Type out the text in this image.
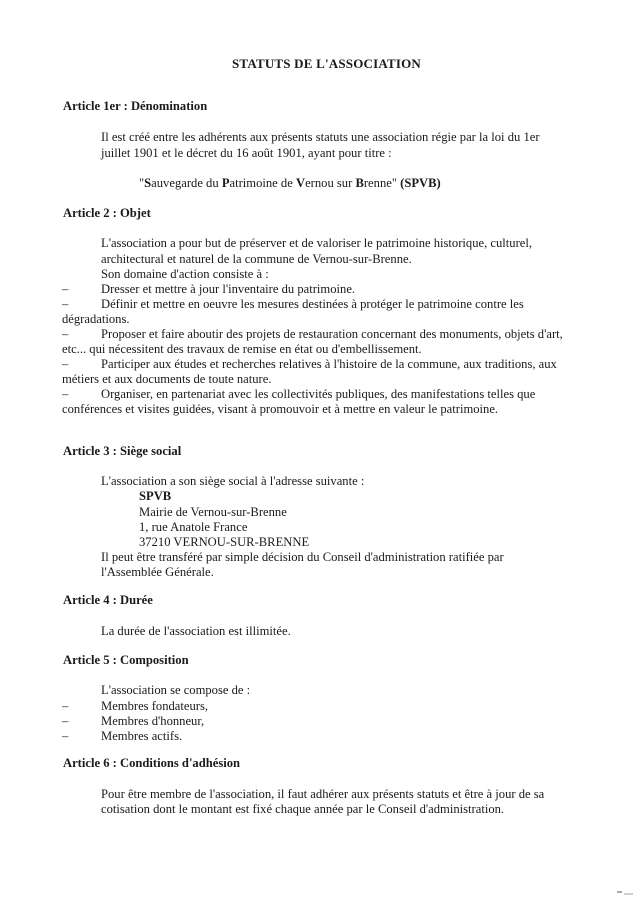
STATUTS DE L'ASSOCIATION
Article 1er : Dénomination
Il est créé entre les adhérents aux présents statuts une association régie par la loi du 1er
juillet 1901 et le décret du 16 août 1901, ayant pour titre :
"Sauvegarde du Patrimoine de Vernou sur Brenne" (SPVB)
Article 2 : Objet
L'association a pour but de préserver et de valoriser le patrimoine historique, culturel,
architectural et naturel de la commune de Vernou-sur-Brenne.
Son domaine d'action consiste à :
–	Dresser et mettre à jour l'inventaire du patrimoine.
–	Définir et mettre en oeuvre les mesures destinées à protéger le patrimoine contre les
dégradations.
–	Proposer et faire aboutir des projets de restauration concernant des monuments, objets d'art,
etc... qui nécessitent des travaux de remise en état ou d'embellissement.
–	Participer aux études et recherches relatives à l'histoire de la commune, aux traditions, aux
métiers et aux documents de toute nature.
–	Organiser, en partenariat avec les collectivités publiques, des manifestations telles que
conférences et visites guidées, visant à promouvoir et à mettre en valeur le patrimoine.
Article 3 : Siège social
L'association a son siège social à l'adresse suivante :
SPVB
Mairie de Vernou-sur-Brenne
1, rue Anatole France
37210 VERNOU-SUR-BRENNE
Il peut être transféré par simple décision du Conseil d'administration ratifiée par
l'Assemblée Générale.
Article 4 : Durée
La durée de l'association est illimitée.
Article 5 : Composition
L'association se compose de :
–	Membres fondateurs,
–	Membres d'honneur,
–	Membres actifs.
Article 6 : Conditions d'adhésion
Pour être membre de l'association, il faut adhérer aux présents statuts et être à jour de sa
cotisation dont le montant est fixé chaque année par le Conseil d'administration.
